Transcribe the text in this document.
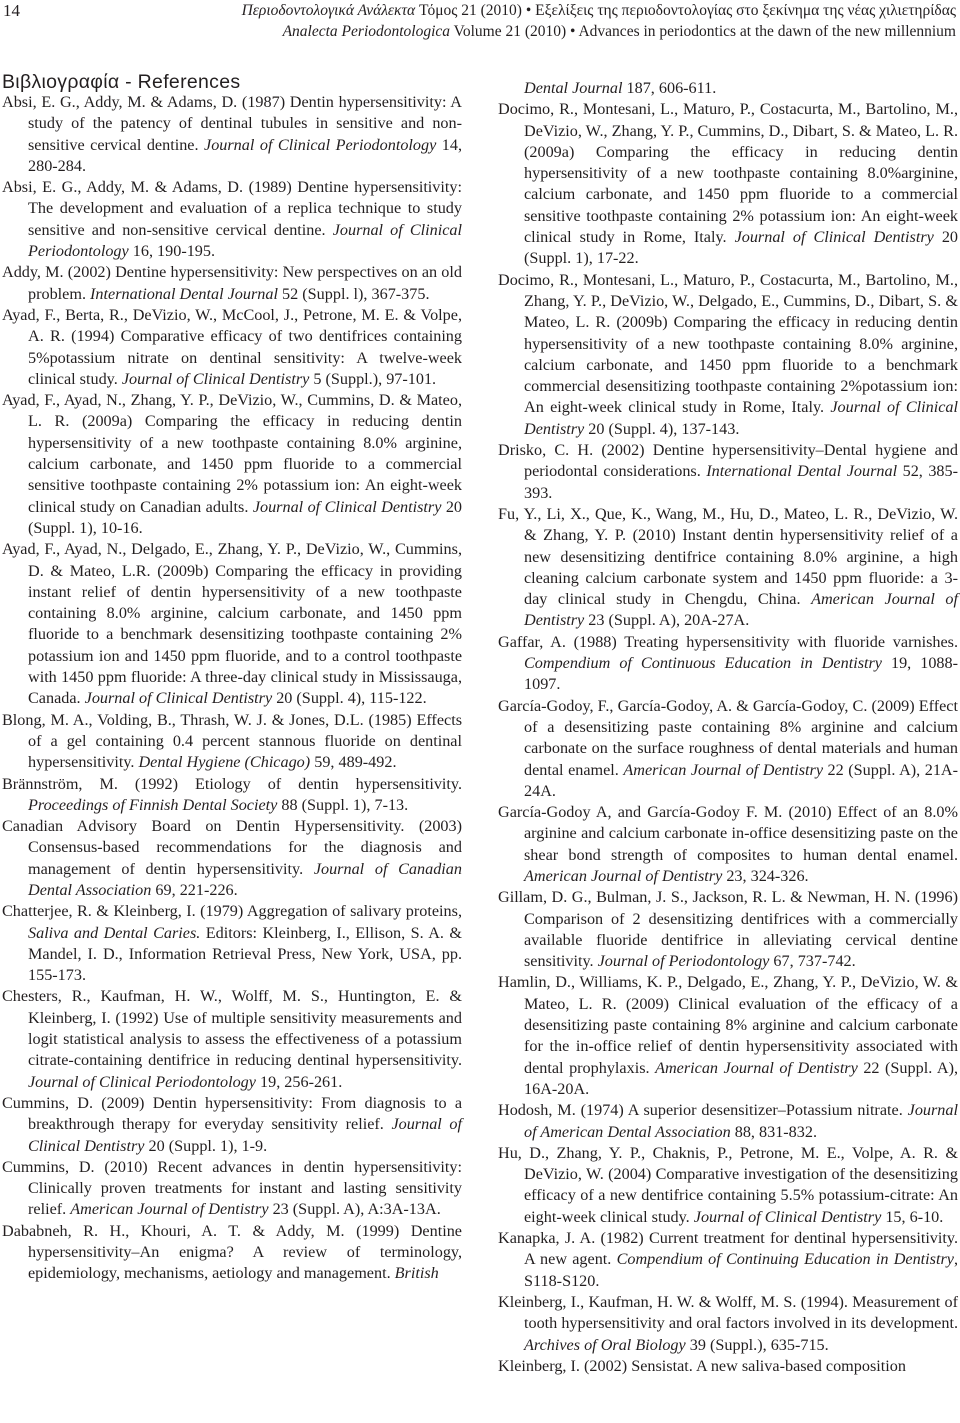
14	Περιοδοντολογικά Ανάλεκτα Τόμος 21 (2010) • Εξελίξεις της περιοδοντολογίας στο ξεκίνημα της νέας χιλιετηρίδας
Analecta Periodontologica Volume 21 (2010) • Advances in periodontics at the dawn of the new millennium
Βιβλιογραφία - References

Absi, E. G., Addy, M. & Adams, D. (1987) Dentin hypersensitivity: A study of the patency of dentinal tubules in sensitive and non-sensitive cervical dentine. Journal of Clinical Periodontology 14, 280-284.

Absi, E. G., Addy, M. & Adams, D. (1989) Dentine hypersensitivity: The development and evaluation of a replica technique to study sensitive and non-sensitive cervical dentine. Journal of Clinical Periodontology 16, 190-195.

Addy, M. (2002) Dentine hypersensitivity: New perspectives on an old problem. International Dental Journal 52 (Suppl. l), 367-375.

Ayad, F., Berta, R., DeVizio, W., McCool, J., Petrone, M. E. & Volpe, A. R. (1994) Comparative efficacy of two dentifrices containing 5%potassium nitrate on dentinal sensitivity: A twelve-week clinical study. Journal of Clinical Dentistry 5 (Suppl.), 97-101.

Ayad, F., Ayad, N., Zhang, Y. P., DeVizio, W., Cummins, D. & Mateo, L. R. (2009a) Comparing the efficacy in reducing dentin hypersensitivity of a new toothpaste containing 8.0% arginine, calcium carbonate, and 1450 ppm fluoride to a commercial sensitive toothpaste containing 2% potassium ion: An eight-week clinical study on Canadian adults. Journal of Clinical Dentistry 20 (Suppl. 1), 10-16.

Ayad, F., Ayad, N., Delgado, E., Zhang, Y. P., DeVizio, W., Cummins, D. & Mateo, L.R. (2009b) Comparing the efficacy in providing instant relief of dentin hypersensitivity of a new toothpaste containing 8.0% arginine, calcium carbonate, and 1450 ppm fluoride to a benchmark desensitizing toothpaste containing 2% potassium ion and 1450 ppm fluoride, and to a control toothpaste with 1450 ppm fluoride: A three-day clinical study in Mississauga, Canada. Journal of Clinical Dentistry 20 (Suppl. 4), 115-122.

Blong, M. A., Volding, B., Thrash, W. J. & Jones, D.L. (1985) Effects of a gel containing 0.4 percent stannous fluoride on dentinal hypersensitivity. Dental Hygiene (Chicago) 59, 489-492.

Brännström, M. (1992) Etiology of dentin hypersensitivity. Proceedings of Finnish Dental Society 88 (Suppl. 1), 7-13.

Canadian Advisory Board on Dentin Hypersensitivity. (2003) Consensus-based recommendations for the diagnosis and management of dentin hypersensitivity. Journal of Canadian Dental Association 69, 221-226.

Chatterjee, R. & Kleinberg, I. (1979) Aggregation of salivary proteins, Saliva and Dental Caries. Editors: Kleinberg, I., Ellison, S. A. & Mandel, I. D., Information Retrieval Press, New York, USA, pp. 155-173.

Chesters, R., Kaufman, H. W., Wolff, M. S., Huntington, E. & Kleinberg, I. (1992) Use of multiple sensitivity measurements and logit statistical analysis to assess the effectiveness of a potassium citrate-containing dentifrice in reducing dentinal hypersensitivity. Journal of Clinical Periodontology 19, 256-261.

Cummins, D. (2009) Dentin hypersensitivity: From diagnosis to a breakthrough therapy for everyday sensitivity relief. Journal of Clinical Dentistry 20 (Suppl. 1), 1-9.

Cummins, D. (2010) Recent advances in dentin hypersensitivity: Clinically proven treatments for instant and lasting sensitivity relief. American Journal of Dentistry 23 (Suppl. A), A:3A-13A.

Dababneh, R. H., Khouri, A. T. & Addy, M. (1999) Dentine hypersensitivity–An enigma? A review of terminology, epidemiology, mechanisms, aetiology and management. British

Dental Journal 187, 606-611.

Docimo, R., Montesani, L., Maturo, P., Costacurta, M., Bartolino, M., DeVizio, W., Zhang, Y. P., Cummins, D., Dibart, S. & Mateo, L. R. (2009a) Comparing the efficacy in reducing dentin hypersensitivity of a new toothpaste containing 8.0%arginine, calcium carbonate, and 1450 ppm fluoride to a commercial sensitive toothpaste containing 2% potassium ion: An eight-week clinical study in Rome, Italy. Journal of Clinical Dentistry 20 (Suppl. 1), 17-22.

Docimo, R., Montesani, L., Maturo, P., Costacurta, M., Bartolino, M., Zhang, Y. P., DeVizio, W., Delgado, E., Cummins, D., Dibart, S. & Mateo, L. R. (2009b) Comparing the efficacy in reducing dentin hypersensitivity of a new toothpaste containing 8.0% arginine, calcium carbonate, and 1450 ppm fluoride to a benchmark commercial desensitizing toothpaste containing 2%potassium ion: An eight-week clinical study in Rome, Italy. Journal of Clinical Dentistry 20 (Suppl. 4), 137-143.

Drisko, C. H. (2002) Dentine hypersensitivity–Dental hygiene and periodontal considerations. International Dental Journal 52, 385-393.

Fu, Y., Li, X., Que, K., Wang, M., Hu, D., Mateo, L. R., DeVizio, W. & Zhang, Y. P. (2010) Instant dentin hypersensitivity relief of a new desensitizing dentifrice containing 8.0% arginine, a high cleaning calcium carbonate system and 1450 ppm fluoride: a 3-day clinical study in Chengdu, China. American Journal of Dentistry 23 (Suppl. A), 20A-27A.

Gaffar, A. (1988) Treating hypersensitivity with fluoride varnishes. Compendium of Continuous Education in Dentistry 19, 1088-1097.

García-Godoy, F., García-Godoy, A. & García-Godoy, C. (2009) Effect of a desensitizing paste containing 8% arginine and calcium carbonate on the surface roughness of dental materials and human dental enamel. American Journal of Dentistry 22 (Suppl. A), 21A-24A.

García-Godoy A, and García-Godoy F. M. (2010) Effect of an 8.0% arginine and calcium carbonate in-office desensitizing paste on the shear bond strength of composites to human dental enamel. American Journal of Dentistry 23, 324-326.

Gillam, D. G., Bulman, J. S., Jackson, R. L. & Newman, H. N. (1996) Comparison of 2 desensitizing dentifrices with a commercially available fluoride dentifrice in alleviating cervical dentine sensitivity. Journal of Periodontology 67, 737-742.

Hamlin, D., Williams, K. P., Delgado, E., Zhang, Y. P., DeVizio, W. & Mateo, L. R. (2009) Clinical evaluation of the efficacy of a desensitizing paste containing 8% arginine and calcium carbonate for the in-office relief of dentin hypersensitivity associated with dental prophylaxis. American Journal of Dentistry 22 (Suppl. A), 16A-20A.

Hodosh, M. (1974) A superior desensitizer–Potassium nitrate. Journal of American Dental Association 88, 831-832.

Hu, D., Zhang, Y. P., Chaknis, P., Petrone, M. E., Volpe, A. R. & DeVizio, W. (2004) Comparative investigation of the desensitizing efficacy of a new dentifrice containing 5.5% potassium-citrate: An eight-week clinical study. Journal of Clinical Dentistry 15, 6-10.

Kanapka, J. A. (1982) Current treatment for dentinal hypersensitivity. A new agent. Compendium of Continuing Education in Dentistry, S118-S120.

Kleinberg, I., Kaufman, H. W. & Wolff, M. S. (1994). Measurement of tooth hypersensitivity and oral factors involved in its development. Archives of Oral Biology 39 (Suppl.), 635-715.

Kleinberg, I. (2002) Sensistat. A new saliva-based composition
